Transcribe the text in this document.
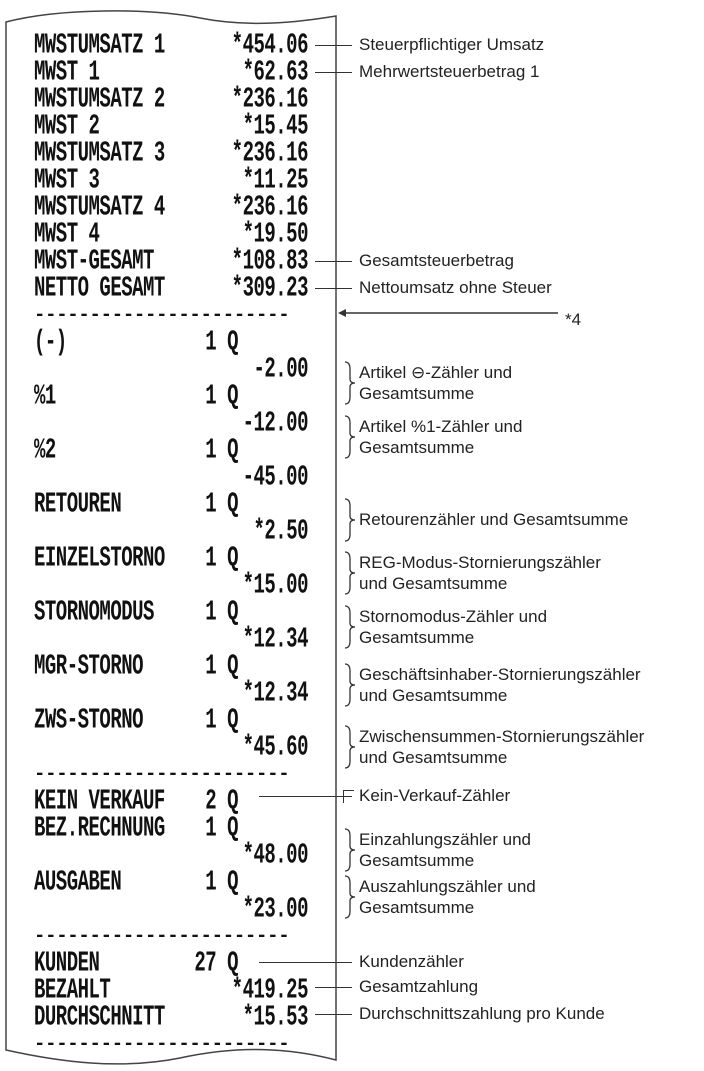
MWSTUMSATZ 1	*454.06
MWST 1	*62.63
MWSTUMSATZ 2	*236.16
MWST 2	*15.45
MWSTUMSATZ 3	*236.16
MWST 3	*11.25
MWSTUMSATZ 4	*236.16
MWST 4	*19.50
MWST-GESAMT	*108.83
NETTO GESAMT	*309.23
-----------------------
(-)	1 Q
-2.00
%1	1 Q
-12.00
%2	1 Q
-45.00
RETOUREN	1 Q
*2.50
EINZELSTORNO 1 Q
*15.00
STORNOMODUS	1 Q
*12.34
MGR-STORNO	1 Q
*12.34
ZWS-STORNO	1 Q
*45.60
-----------------------
KEIN VERKAUF 2 Q
BEZ.RECHNUNG 1 Q
*48.00
AUSGABEN	1 Q
*23.00
-----------------------
KUNDEN	27 Q
BEZAHLT	*419.25
DURCHSCHNITT	*15.53
-----------------------
Steuerpflichtiger Umsatz
Mehrwertsteuerbetrag 1
Gesamtsteuerbetrag
Nettoumsatz ohne Steuer
*4
Artikel ⊖-Zähler und
Gesamtsumme
Artikel %1-Zähler und
Gesamtsumme
Retourenzähler und Gesamtsumme
REG-Modus-Stornierungszähler
und Gesamtsumme
Stornomodus-Zähler und
Gesamtsumme
Geschäftsinhaber-Stornierungszähler
und Gesamtsumme
Zwischensummen-Stornierungszähler
und Gesamtsumme
Kein-Verkauf-Zähler
Einzahlungszähler und
Gesamtsumme
Auszahlungszähler und
Gesamtsumme
Kundenzähler
Gesamtzahlung
Durchschnittszahlung pro Kunde
